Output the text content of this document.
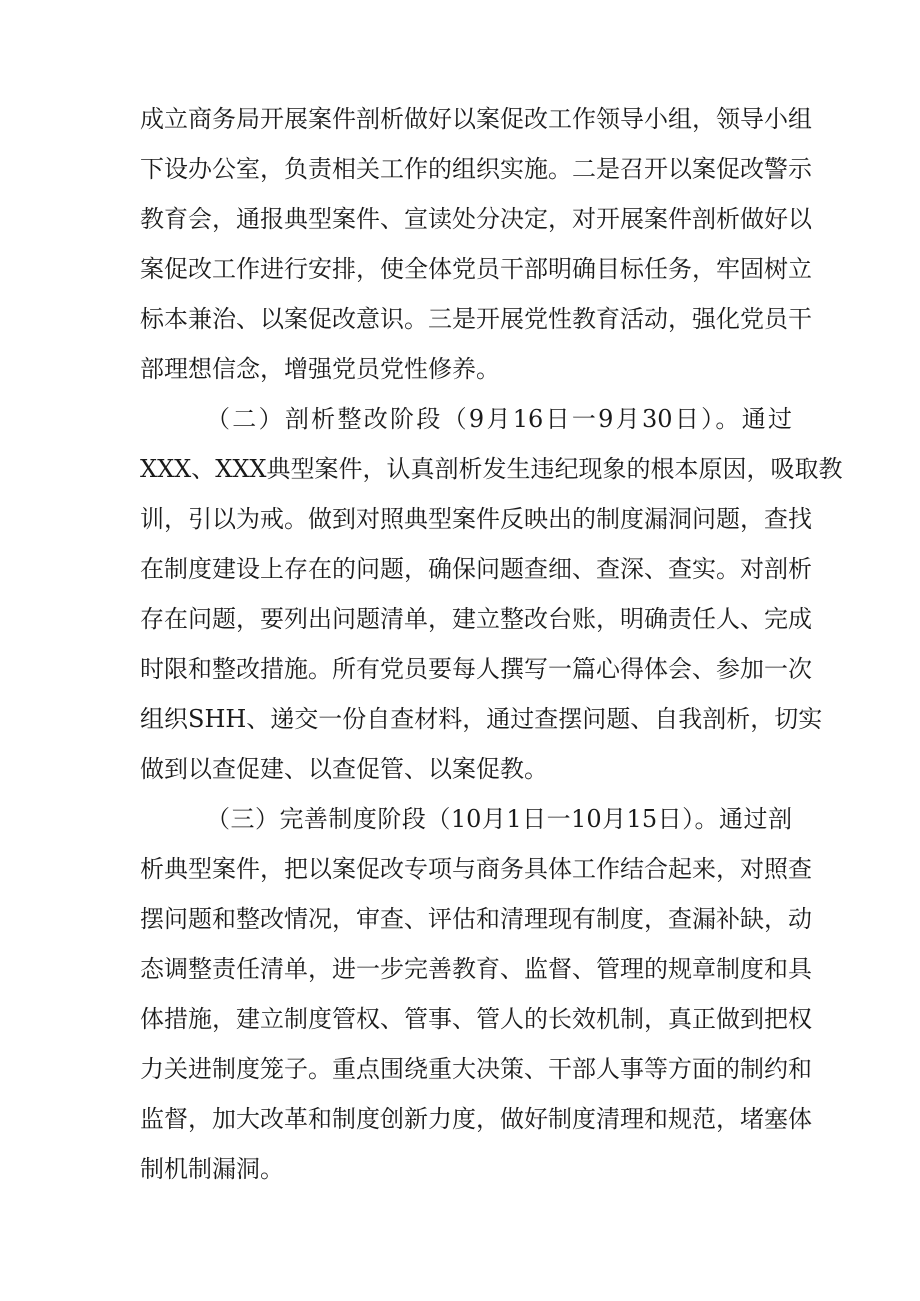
成立商务局开展案件剖析做好以案促改工作领导小组，领导小组
下设办公室，负责相关工作的组织实施。二是召开以案促改警示
教育会，通报典型案件、宣读处分决定，对开展案件剖析做好以
案促改工作进行安排，使全体党员干部明确目标任务，牢固树立
标本兼治、以案促改意识。三是开展党性教育活动，强化党员干
部理想信念，增强党员党性修养。
（二）剖析整改阶段（9月16日一9月30日）。通过
XXX、XXX典型案件，认真剖析发生违纪现象的根本原因，吸取教
训，引以为戒。做到对照典型案件反映出的制度漏洞问题，查找
在制度建设上存在的问题，确保问题查细、查深、查实。对剖析
存在问题，要列出问题清单，建立整改台账，明确责任人、完成
时限和整改措施。所有党员要每人撰写一篇心得体会、参加一次
组织SHH、递交一份自查材料，通过查摆问题、自我剖析，切实
做到以查促建、以查促管、以案促教。
（三）完善制度阶段（10月1日一10月15日）。通过剖
析典型案件，把以案促改专项与商务具体工作结合起来，对照查
摆问题和整改情况，审查、评估和清理现有制度，查漏补缺，动
态调整责任清单，进一步完善教育、监督、管理的规章制度和具
体措施，建立制度管权、管事、管人的长效机制，真正做到把权
力关进制度笼子。重点围绕重大决策、干部人事等方面的制约和
监督，加大改革和制度创新力度，做好制度清理和规范，堵塞体
制机制漏洞。
